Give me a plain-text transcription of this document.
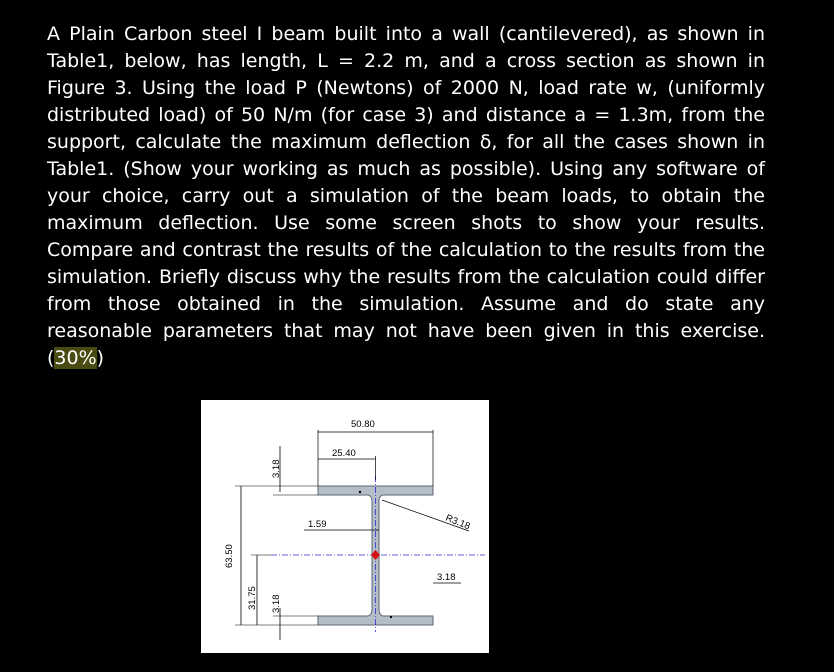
A Plain Carbon steel I beam built into a wall (cantilevered), as shown in Table1, below, has length, L = 2.2 m, and a cross section as shown in Figure 3. Using the load P (Newtons) of 2000 N, load rate w, (uniformly distributed load) of 50 N/m (for case 3) and distance a = 1.3m, from the support, calculate the maximum deflection δ, for all the cases shown in Table1. (Show your working as much as possible). Using any software of your choice, carry out a simulation of the beam loads, to obtain the maximum deflection. Use some screen shots to show your results. Compare and contrast the results of the calculation to the results from the simulation. Briefly discuss why the results from the calculation could differ from those obtained in the simulation. Assume and do state any reasonable parameters that may not have been given in this exercise. (30%)

50.80
25.40
3.18
1.59	R3.18
3.18
63.50
31.75 3.18
